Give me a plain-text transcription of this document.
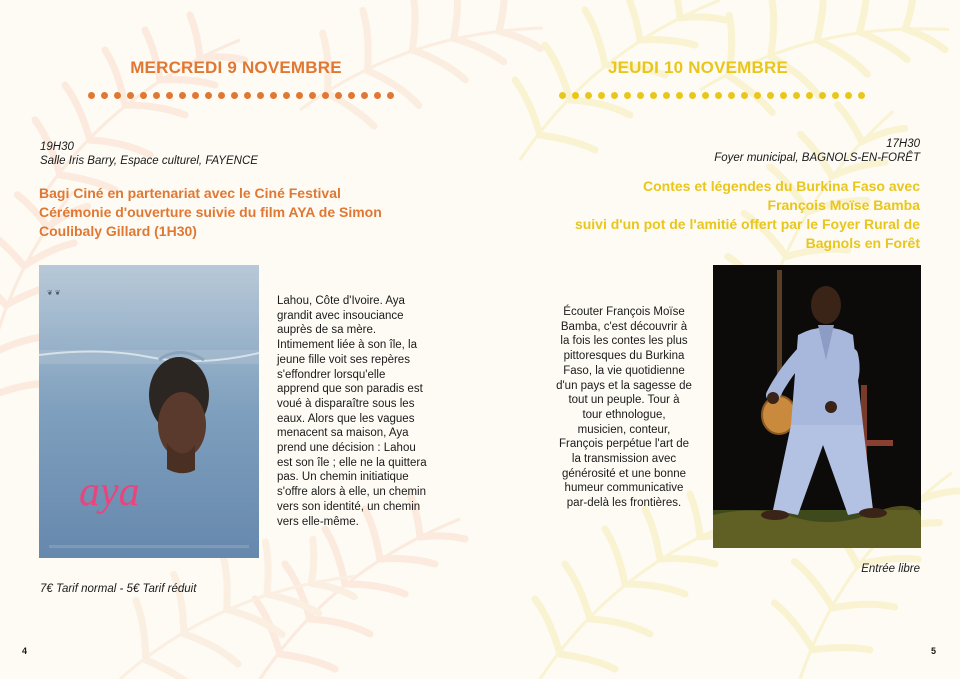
MERCREDI 9 NOVEMBRE
19H30
Salle Iris Barry, Espace culturel, FAYENCE
Bagi Ciné en partenariat avec le Ciné Festival
Cérémonie d'ouverture suivie du film AYA de Simon
Coulibaly Gillard (1H30)
❦ ❦
aya
Lahou, Côte d'Ivoire. Aya
grandit avec insouciance
auprès de sa mère.
Intimement liée à son île, la
jeune fille voit ses repères
s'effondrer lorsqu'elle
apprend que son paradis est
voué à disparaître sous les
eaux. Alors que les vagues
menacent sa maison, Aya
prend une décision : Lahou
est son île ; elle ne la quittera
pas. Un chemin initiatique
s'offre alors à elle, un chemin
vers son identité, un chemin
vers elle-même.
7€ Tarif normal - 5€ Tarif réduit
4
JEUDI 10 NOVEMBRE
17H30
Foyer municipal, BAGNOLS-EN-FORÊT
Contes et légendes du Burkina Faso avec
François Moïse Bamba
suivi d'un pot de l'amitié offert par le Foyer Rural de
Bagnols en Forêt
Écouter François Moïse
Bamba, c'est découvrir à
la fois les contes les plus
pittoresques du Burkina
Faso, la vie quotidienne
d'un pays et la sagesse de
tout un peuple. Tour à
tour ethnologue,
musicien, conteur,
François perpétue l'art de
la transmission avec
générosité et une bonne
humeur communicative
par-delà les frontières.
Entrée libre
5
